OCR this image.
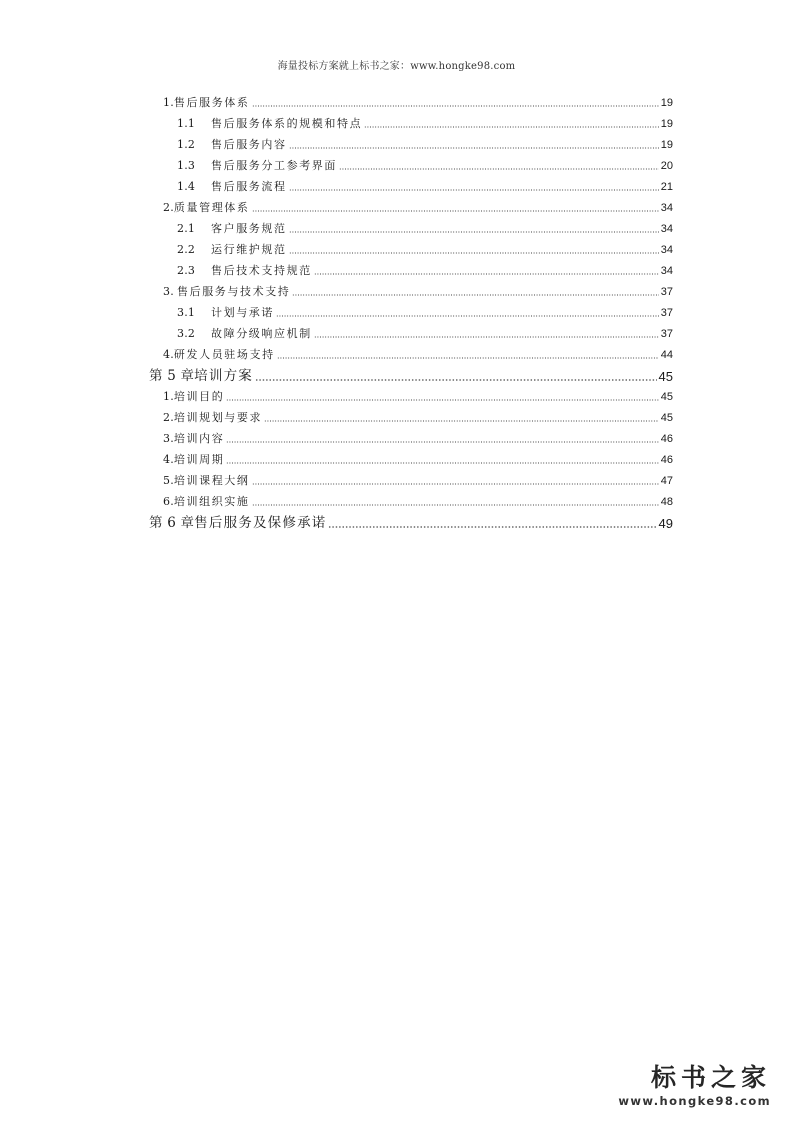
海量投标方案就上标书之家：www.hongke98.com
1.售后服务体系	19
1.1 售后服务体系的规模和特点	19
1.2 售后服务内容	19
1.3 售后服务分工参考界面	20
1.4 售后服务流程	21
2.质量管理体系	34
2.1 客户服务规范	34
2.2 运行维护规范	34
2.3 售后技术支持规范	34
3. 售后服务与技术支持	37
3.1 计划与承诺	37
3.2 故障分级响应机制	37
4.研发人员驻场支持	44
第 5 章培训方案	45
1.培训目的	45
2.培训规划与要求	45
3.培训内容	46
4.培训周期	46
5.培训课程大纲	47
6.培训组织实施	48
第 6 章售后服务及保修承诺	49
标书之家
www.hongke98.com
